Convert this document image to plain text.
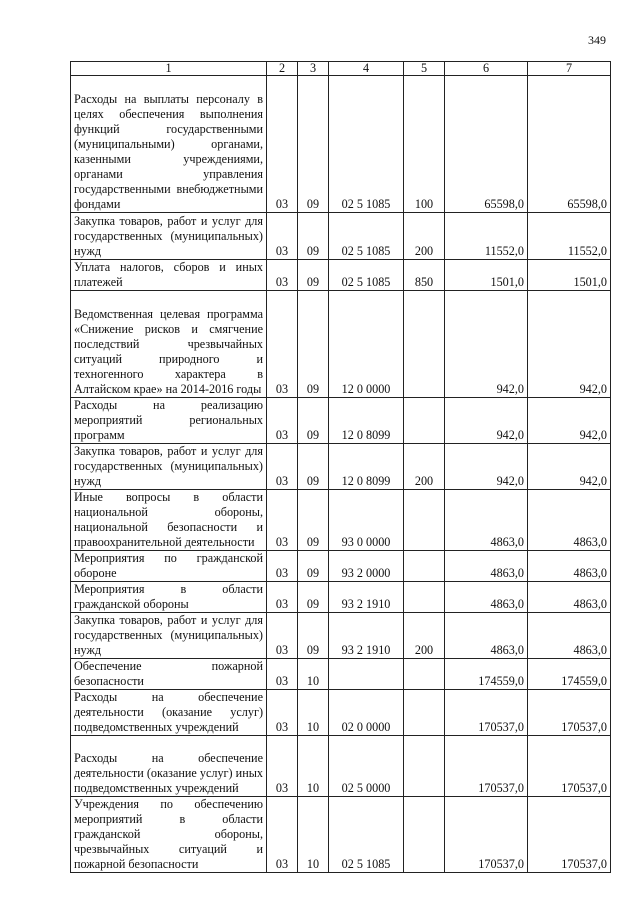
349
1	2	3	4	5	6	7
Расходы на выплаты персоналу в целях обеспечения выполнения функций государственными (муниципальными) органами, казенными учреждениями, органами управления государственными внебюджетными фондами	03	09	02 5 1085	100	65598,0	65598,0
Закупка товаров, работ и услуг для государственных (муниципальных) нужд	03	09	02 5 1085	200	11552,0	11552,0
Уплата налогов, сборов и иных платежей	03	09	02 5 1085	850	1501,0	1501,0
Ведомственная целевая программа «Снижение рисков и смягчение последствий чрезвычайных ситуаций природного и техногенного характера в Алтайском крае» на 2014-2016 годы	03	09	12 0 0000		942,0	942,0
Расходы на реализацию мероприятий региональных программ	03	09	12 0 8099		942,0	942,0
Закупка товаров, работ и услуг для государственных (муниципальных) нужд	03	09	12 0 8099	200	942,0	942,0
Иные вопросы в области национальной обороны, национальной безопасности и правоохранительной деятельности	03	09	93 0 0000		4863,0	4863,0
Мероприятия по гражданской обороне	03	09	93 2 0000		4863,0	4863,0
Мероприятия в области гражданской обороны	03	09	93 2 1910		4863,0	4863,0
Закупка товаров, работ и услуг для государственных (муниципальных) нужд	03	09	93 2 1910	200	4863,0	4863,0
Обеспечение пожарной безопасности	03	10			174559,0	174559,0
Расходы на обеспечение деятельности (оказание услуг) подведомственных учреждений	03	10	02 0 0000		170537,0	170537,0
Расходы на обеспечение деятельности (оказание услуг) иных подведомственных учреждений	03	10	02 5 0000		170537,0	170537,0
Учреждения по обеспечению мероприятий в области гражданской обороны, чрезвычайных ситуаций и пожарной безопасности	03	10	02 5 1085		170537,0	170537,0
